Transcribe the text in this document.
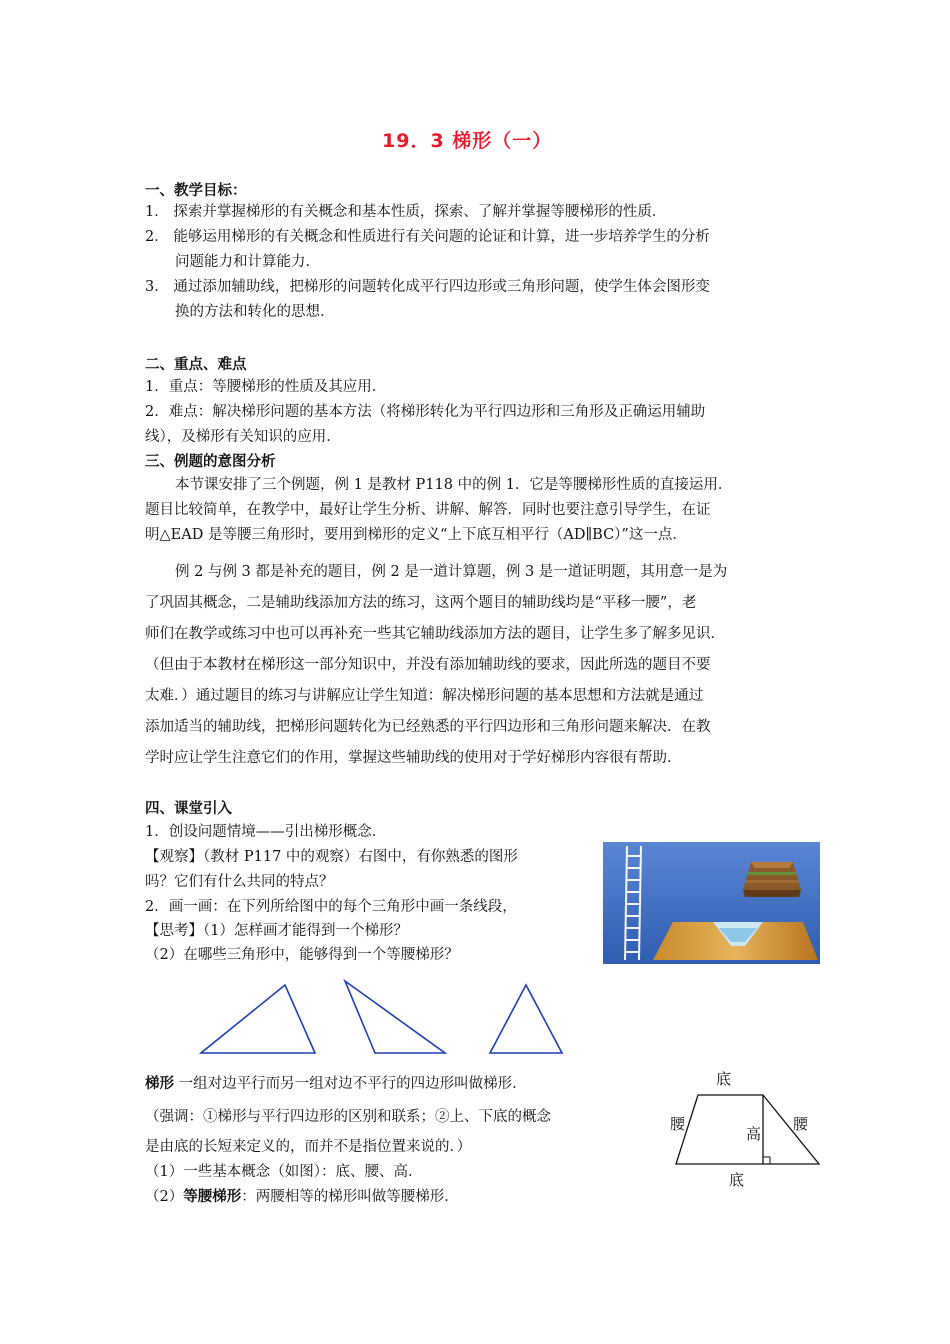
19．3 梯形（一）
一、教学目标：
1． 探索并掌握梯形的有关概念和基本性质，探索、了解并掌握等腰梯形的性质．
2． 能够运用梯形的有关概念和性质进行有关问题的论证和计算，进一步培养学生的分析
问题能力和计算能力．
3． 通过添加辅助线，把梯形的问题转化成平行四边形或三角形问题，使学生体会图形变
换的方法和转化的思想．
二、重点、难点
1．重点：等腰梯形的性质及其应用．
2．难点：解决梯形问题的基本方法（将梯形转化为平行四边形和三角形及正确运用辅助
线），及梯形有关知识的应用．
三、例题的意图分析
本节课安排了三个例题，例 1 是教材 P118 中的例 1．它是等腰梯形性质的直接运用．
题目比较简单，在教学中，最好让学生分析、讲解、解答．同时也要注意引导学生，在证
明△EAD 是等腰三角形时，要用到梯形的定义“上下底互相平行（AD∥BC）”这一点．
例 2 与例 3 都是补充的题目，例 2 是一道计算题，例 3 是一道证明题，其用意一是为
了巩固其概念，二是辅助线添加方法的练习，这两个题目的辅助线均是“平移一腰”，老
师们在教学或练习中也可以再补充一些其它辅助线添加方法的题目，让学生多了解多见识．
（但由于本教材在梯形这一部分知识中，并没有添加辅助线的要求，因此所选的题目不要
太难．）通过题目的练习与讲解应让学生知道：解决梯形问题的基本思想和方法就是通过
添加适当的辅助线，把梯形问题转化为已经熟悉的平行四边形和三角形问题来解决．在教
学时应让学生注意它们的作用，掌握这些辅助线的使用对于学好梯形内容很有帮助．
四、课堂引入
1．创设问题情境——引出梯形概念．
【观察】（教材 P117 中的观察）右图中，有你熟悉的图形
吗？它们有什么共同的特点？
2．画一画：在下列所给图中的每个三角形中画一条线段，
【思考】（1）怎样画才能得到一个梯形？
（2）在哪些三角形中，能够得到一个等腰梯形？
梯形 一组对边平行而另一组对边不平行的四边形叫做梯形．
（强调：①梯形与平行四边形的区别和联系；②上、下底的概念
是由底的长短来定义的，而并不是指位置来说的．）
（1）一些基本概念（如图）：底、腰、高．
（2）等腰梯形：两腰相等的梯形叫做等腰梯形．
底
腰
高
腰
底
